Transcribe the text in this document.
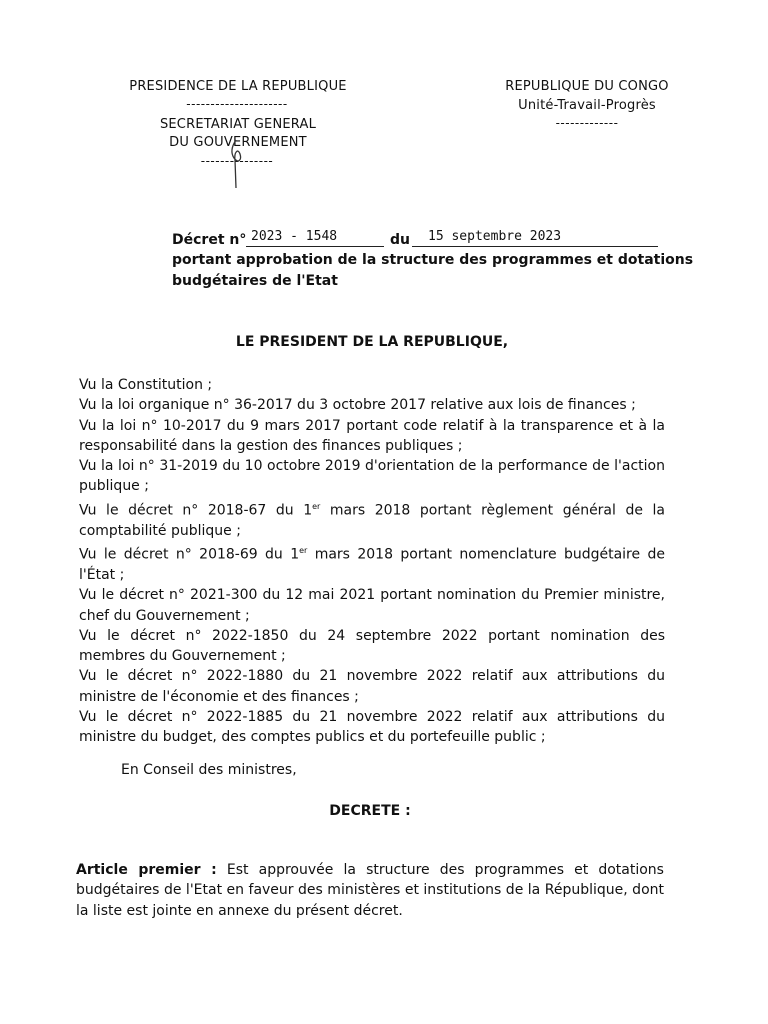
PRESIDENCE DE LA REPUBLIQUE
---------------------
SECRETARIAT GENERAL
DU GOUVERNEMENT
---------------
REPUBLIQUE DU CONGO
Unité-Travail-Progrès
-------------
Décret n° 2023 - 1548	du 15 septembre 2023
portant approbation de la structure des programmes et dotations
budgétaires de l'Etat
LE PRESIDENT DE LA REPUBLIQUE,

Vu la Constitution ;

Vu la loi organique n° 36-2017 du 3 octobre 2017 relative aux lois de finances ;

Vu la loi n° 10-2017 du 9 mars 2017 portant code relatif à la transparence et à la responsabilité dans la gestion des finances publiques ;

Vu la loi n° 31-2019 du 10 octobre 2019 d'orientation de la performance de l'action publique ;

Vu le décret n° 2018-67 du 1er mars 2018 portant règlement général de la comptabilité publique ;

Vu le décret n° 2018-69 du 1er mars 2018 portant nomenclature budgétaire de l'État ;

Vu le décret n° 2021-300 du 12 mai 2021 portant nomination du Premier ministre, chef du Gouvernement ;

Vu le décret n° 2022-1850 du 24 septembre 2022 portant nomination des membres du Gouvernement ;

Vu le décret n° 2022-1880 du 21 novembre 2022 relatif aux attributions du ministre de l'économie et des finances ;

Vu le décret n° 2022-1885 du 21 novembre 2022 relatif aux attributions du ministre du budget, des comptes publics et du portefeuille public ;

En Conseil des ministres,
DECRETE :

Article premier : Est approuvée la structure des programmes et dotations budgétaires de l'Etat en faveur des ministères et institutions de la République, dont la liste est jointe en annexe du présent décret.
